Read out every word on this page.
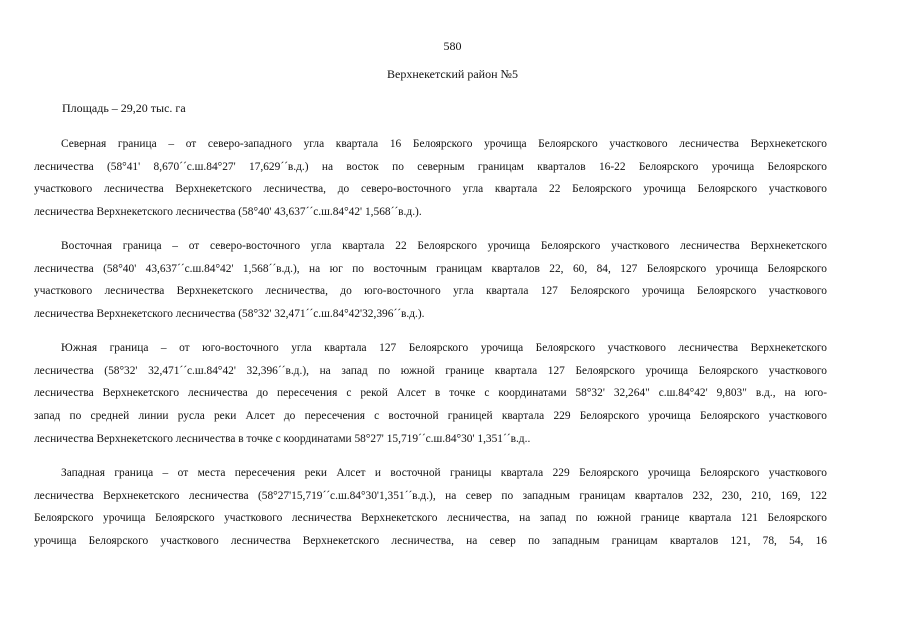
580
Верхнекетский район №5
Площадь – 29,20 тыс. га
Северная граница – от северо-западного угла квартала 16 Белоярского урочища Белоярского участкового лесничества Верхнекетского
лесничества (58°41' 8,670´´с.ш.84°27' 17,629´´в.д.) на восток по северным границам кварталов 16-22 Белоярского урочища Белоярского
участкового лесничества Верхнекетского лесничества, до северо-восточного угла квартала 22 Белоярского урочища Белоярского участкового
лесничества Верхнекетского лесничества (58°40' 43,637´´с.ш.84°42' 1,568´´в.д.).
Восточная граница – от северо-восточного угла квартала 22 Белоярского урочища Белоярского участкового лесничества Верхнекетского
лесничества (58°40' 43,637´´с.ш.84°42' 1,568´´в.д.), на юг по восточным границам кварталов 22, 60, 84, 127 Белоярского урочища Белоярского
участкового лесничества Верхнекетского лесничества, до юго-восточного угла квартала 127 Белоярского урочища Белоярского участкового
лесничества Верхнекетского лесничества (58°32' 32,471´´с.ш.84°42'32,396´´в.д.).
Южная граница – от юго-восточного угла квартала 127 Белоярского урочища Белоярского участкового лесничества Верхнекетского
лесничества (58°32' 32,471´´с.ш.84°42' 32,396´´в.д.), на запад по южной границе квартала 127 Белоярского урочища Белоярского участкового
лесничества Верхнекетского лесничества до пересечения с рекой Алсет в точке с координатами 58°32' 32,264" с.ш.84°42' 9,803" в.д., на юго-
запад по средней линии русла реки Алсет до пересечения с восточной границей квартала 229 Белоярского урочища Белоярского участкового
лесничества Верхнекетского лесничества в точке с координатами 58°27' 15,719´´с.ш.84°30' 1,351´´в.д..
Западная граница – от места пересечения реки Алсет и восточной границы квартала 229 Белоярского урочища Белоярского участкового
лесничества Верхнекетского лесничества (58°27'15,719´´с.ш.84°30'1,351´´в.д.), на север по западным границам кварталов 232, 230, 210, 169, 122
Белоярского урочища Белоярского участкового лесничества Верхнекетского лесничества, на запад по южной границе квартала 121 Белоярского
урочища Белоярского участкового лесничества Верхнекетского лесничества, на север по западным границам кварталов 121, 78, 54, 16
